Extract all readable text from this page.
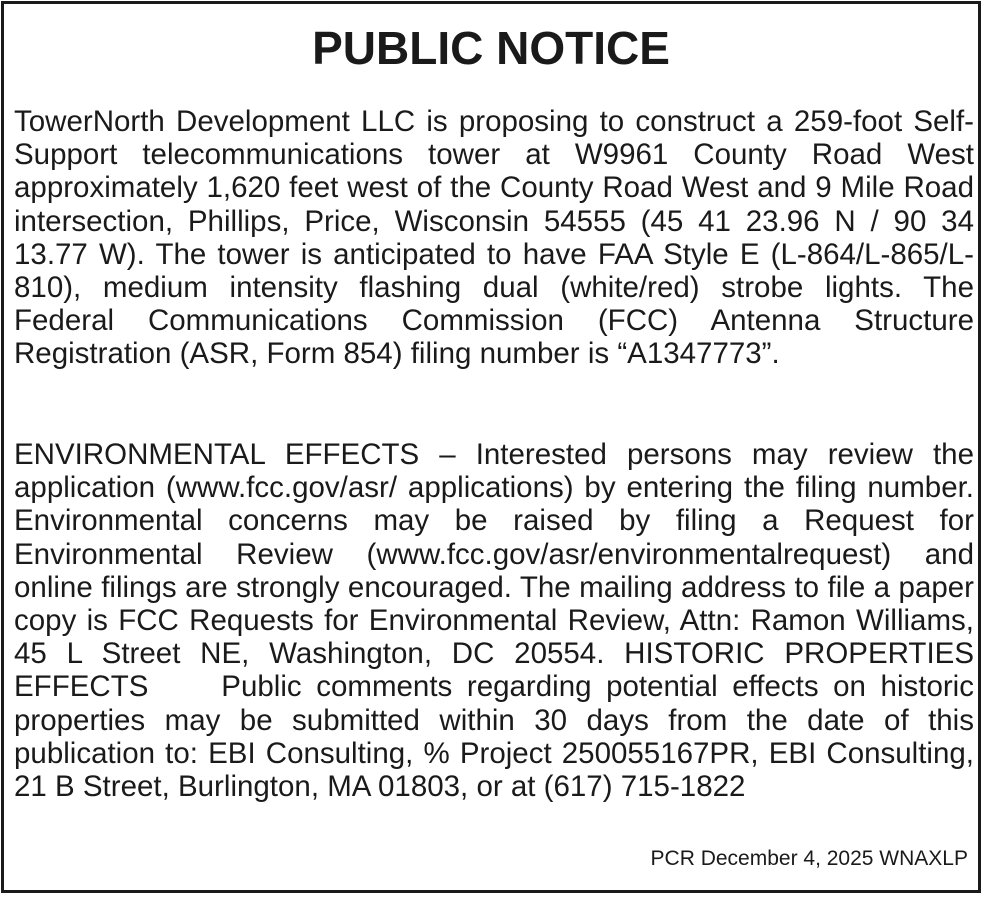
PUBLIC NOTICE

TowerNorth Development LLC is proposing to construct a 259-foot Self-Support telecommunications tower at W9961 County Road West approximately 1,620 feet west of the County Road West and 9 Mile Road intersection, Phillips, Price, Wisconsin 54555 (45 41 23.96 N / 90 34 13.77 W). The tower is anticipated to have FAA Style E (L-864/L-865/L-810), medium intensity flashing dual (white/red) strobe lights. The Federal Communications Commission (FCC) Antenna Structure Registration (ASR, Form 854) filing number is “A1347773”.

ENVIRONMENTAL EFFECTS – Interested persons may review the application (www.fcc.gov/asr/ applications) by entering the filing number. Environmental concerns may be raised by filing a Request for Environmental Review (www.fcc.gov/asr/environmentalrequest) and online filings are strongly encouraged. The mailing address to file a paper copy is FCC Requests for Environmental Review, Attn: Ramon Williams, 45 L Street NE, Washington, DC 20554. HISTORIC PROPERTIES EFFECTS     Public comments regarding potential effects on historic properties may be submitted within 30 days from the date of this publication to: EBI Consulting, % Project 250055167PR, EBI Consulting, 21 B Street, Burlington, MA 01803, or at (617) 715-1822

PCR December 4, 2025 WNAXLP
